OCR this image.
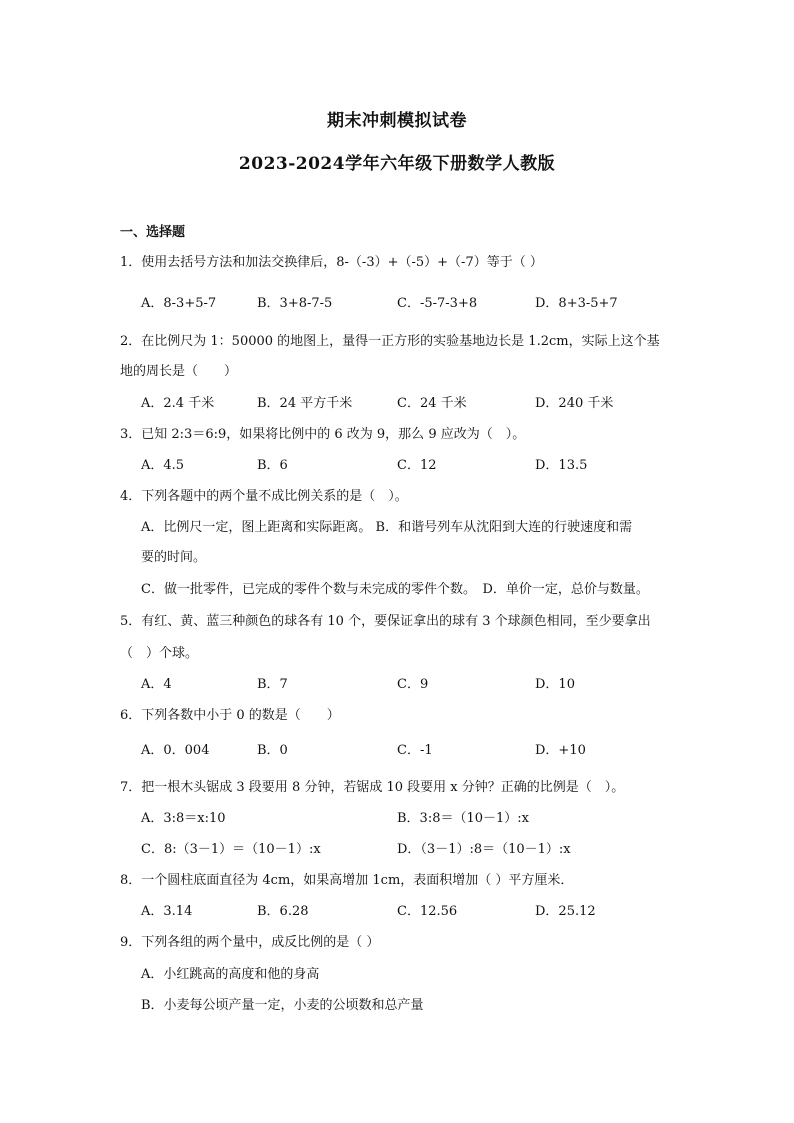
期末冲刺模拟试卷
2023-2024学年六年级下册数学人教版
一、选择题
1．使用去括号方法和加法交换律后，8-（-3）+（-5）+（-7）等于（ ）
A．8-3+5-7	B．3+8-7-5	C．-5-7-3+8	D．8+3-5+7
2．在比例尺为 1：50000 的地图上，量得一正方形的实验基地边长是 1.2cm，实际上这个基
地的周长是（　　）
A．2.4 千米	B．24 平方千米	C．24 千米	D．240 千米
3．已知 2:3＝6:9，如果将比例中的 6 改为 9，那么 9 应改为（　）。
A．4.5	B．6	C．12	D．13.5
4．下列各题中的两个量不成比例关系的是（　）。
A．比例尺一定，图上距离和实际距离。 B．和谐号列车从沈阳到大连的行驶速度和需
要的时间。
C．做一批零件，已完成的零件个数与未完成的零件个数。　D．单价一定，总价与数量。
5．有红、黄、蓝三种颜色的球各有 10 个，要保证拿出的球有 3 个球颜色相同，至少要拿出
（　）个球。
A．4	B．7	C．9	D．10
6．下列各数中小于 0 的数是（　　）
A．0．004	B．0	C．-1	D．+10
7．把一根木头锯成 3 段要用 8 分钟，若锯成 10 段要用 x 分钟？正确的比例是（　）。
A．3:8＝x:10	B．3:8＝（10－1）:x
C．8:（3－1）＝（10－1）:x	D．（3－1）:8＝（10－1）:x
8．一个圆柱底面直径为 4cm，如果高增加 1cm，表面积增加（ ）平方厘米．
A．3.14	B．6.28	C．12.56	D．25.12
9．下列各组的两个量中，成反比例的是（ ）
A．小红跳高的高度和他的身高
B．小麦每公顷产量一定，小麦的公顷数和总产量
